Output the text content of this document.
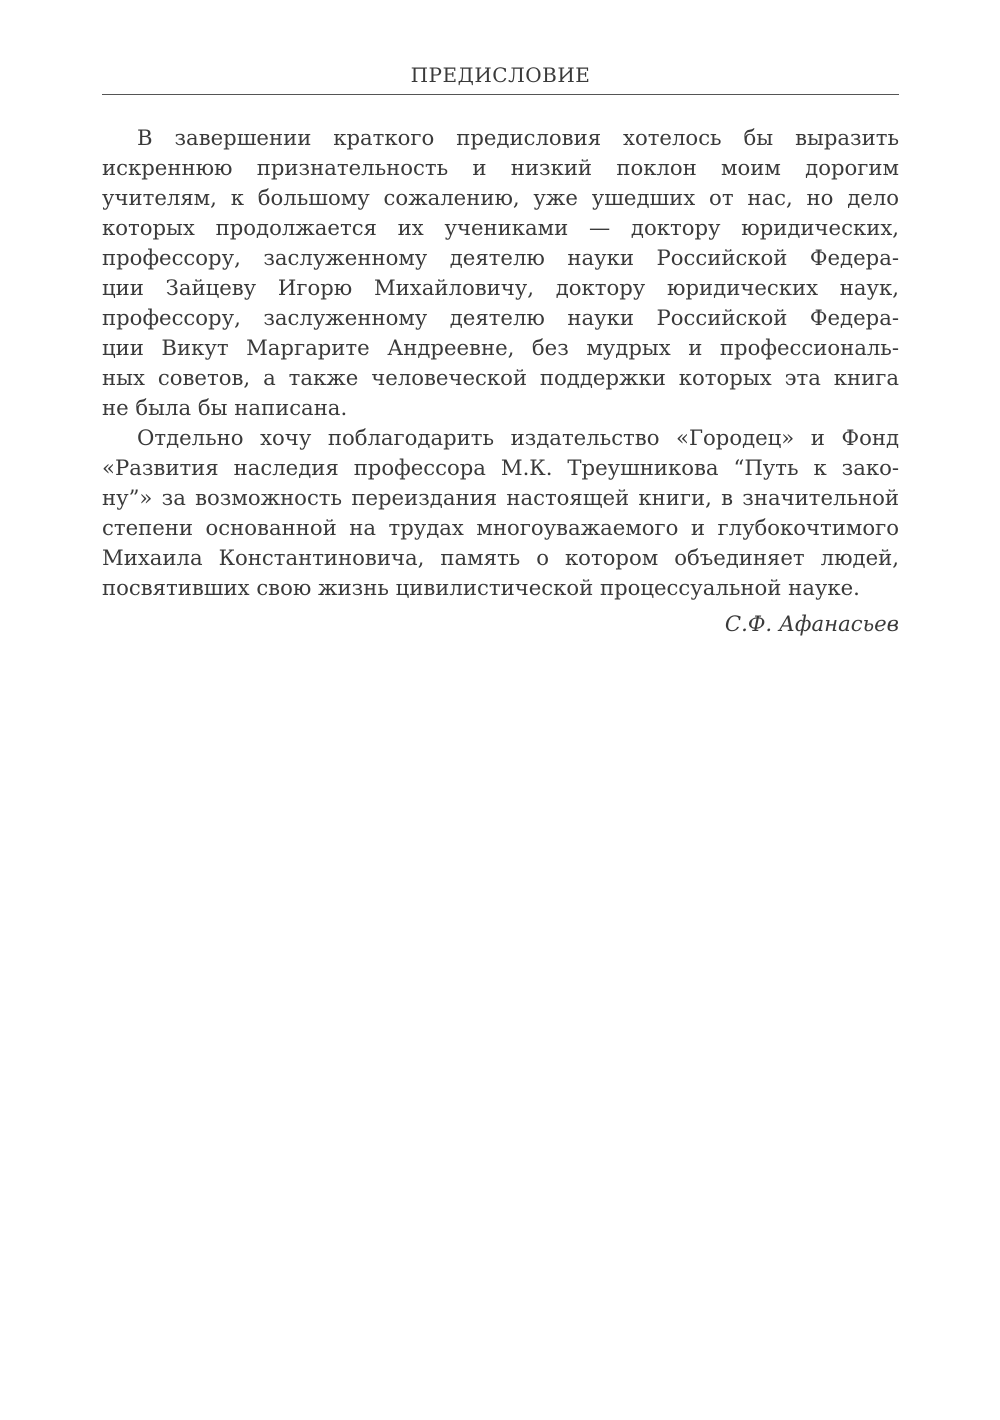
ПРЕДИСЛОВИЕ
В завершении краткого предисловия хотелось бы выразить
искреннюю признательность и низкий поклон моим дорогим
учителям, к большому сожалению, уже ушедших от нас, но дело
которых продолжается их учениками — доктору юридических,
профессору, заслуженному деятелю науки Российской Федера-
ции Зайцеву Игорю Михайловичу, доктору юридических наук,
профессору, заслуженному деятелю науки Российской Федера-
ции Викут Маргарите Андреевне, без мудрых и профессиональ-
ных советов, а также человеческой поддержки которых эта книга
не была бы написана.
Отдельно хочу поблагодарить издательство «Городец» и Фонд
«Развития наследия профессора М.К. Треушникова “Путь к зако-
ну”» за возможность переиздания настоящей книги, в значительной
степени основанной на трудах многоуважаемого и глубокочтимого
Михаила Константиновича, память о котором объединяет людей,
посвятивших свою жизнь цивилистической процессуальной науке.
С.Ф. Афанасьев
